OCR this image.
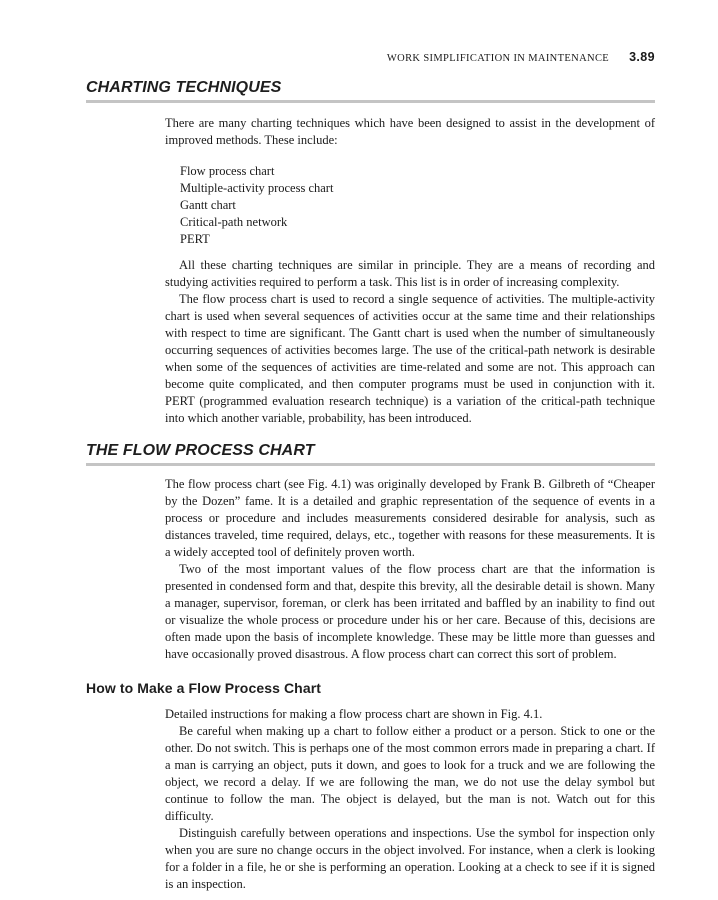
WORK SIMPLIFICATION IN MAINTENANCE 3.89
CHARTING TECHNIQUES

There are many charting techniques which have been designed to assist in the development of improved methods. These include:

Flow process chart
Multiple-activity process chart
Gantt chart
Critical-path network
PERT

All these charting techniques are similar in principle. They are a means of recording and studying activities required to perform a task. This list is in order of increasing complexity.

The flow process chart is used to record a single sequence of activities. The multiple-activity chart is used when several sequences of activities occur at the same time and their relationships with respect to time are significant. The Gantt chart is used when the number of simultaneously occurring sequences of activities becomes large. The use of the critical-path network is desirable when some of the sequences of activities are time-related and some are not. This approach can become quite complicated, and then computer programs must be used in conjunction with it. PERT (programmed evaluation research technique) is a variation of the critical-path technique into which another variable, probability, has been introduced.

THE FLOW PROCESS CHART

The flow process chart (see Fig. 4.1) was originally developed by Frank B. Gilbreth of “Cheaper by the Dozen” fame. It is a detailed and graphic representation of the sequence of events in a process or procedure and includes measurements considered desirable for analysis, such as distances traveled, time required, delays, etc., together with reasons for these measurements. It is a widely accepted tool of definitely proven worth.

Two of the most important values of the flow process chart are that the information is presented in condensed form and that, despite this brevity, all the desirable detail is shown. Many a manager, supervisor, foreman, or clerk has been irritated and baffled by an inability to find out or visualize the whole process or procedure under his or her care. Because of this, decisions are often made upon the basis of incomplete knowledge. These may be little more than guesses and have occasionally proved disastrous. A flow process chart can correct this sort of problem.

How to Make a Flow Process Chart

Detailed instructions for making a flow process chart are shown in Fig. 4.1.

Be careful when making up a chart to follow either a product or a person. Stick to one or the other. Do not switch. This is perhaps one of the most common errors made in preparing a chart. If a man is carrying an object, puts it down, and goes to look for a truck and we are following the object, we record a delay. If we are following the man, we do not use the delay symbol but continue to follow the man. The object is delayed, but the man is not. Watch out for this difficulty.

Distinguish carefully between operations and inspections. Use the symbol for inspection only when you are sure no change occurs in the object involved. For instance, when a clerk is looking for a folder in a file, he or she is performing an operation. Looking at a check to see if it is signed is an inspection.
